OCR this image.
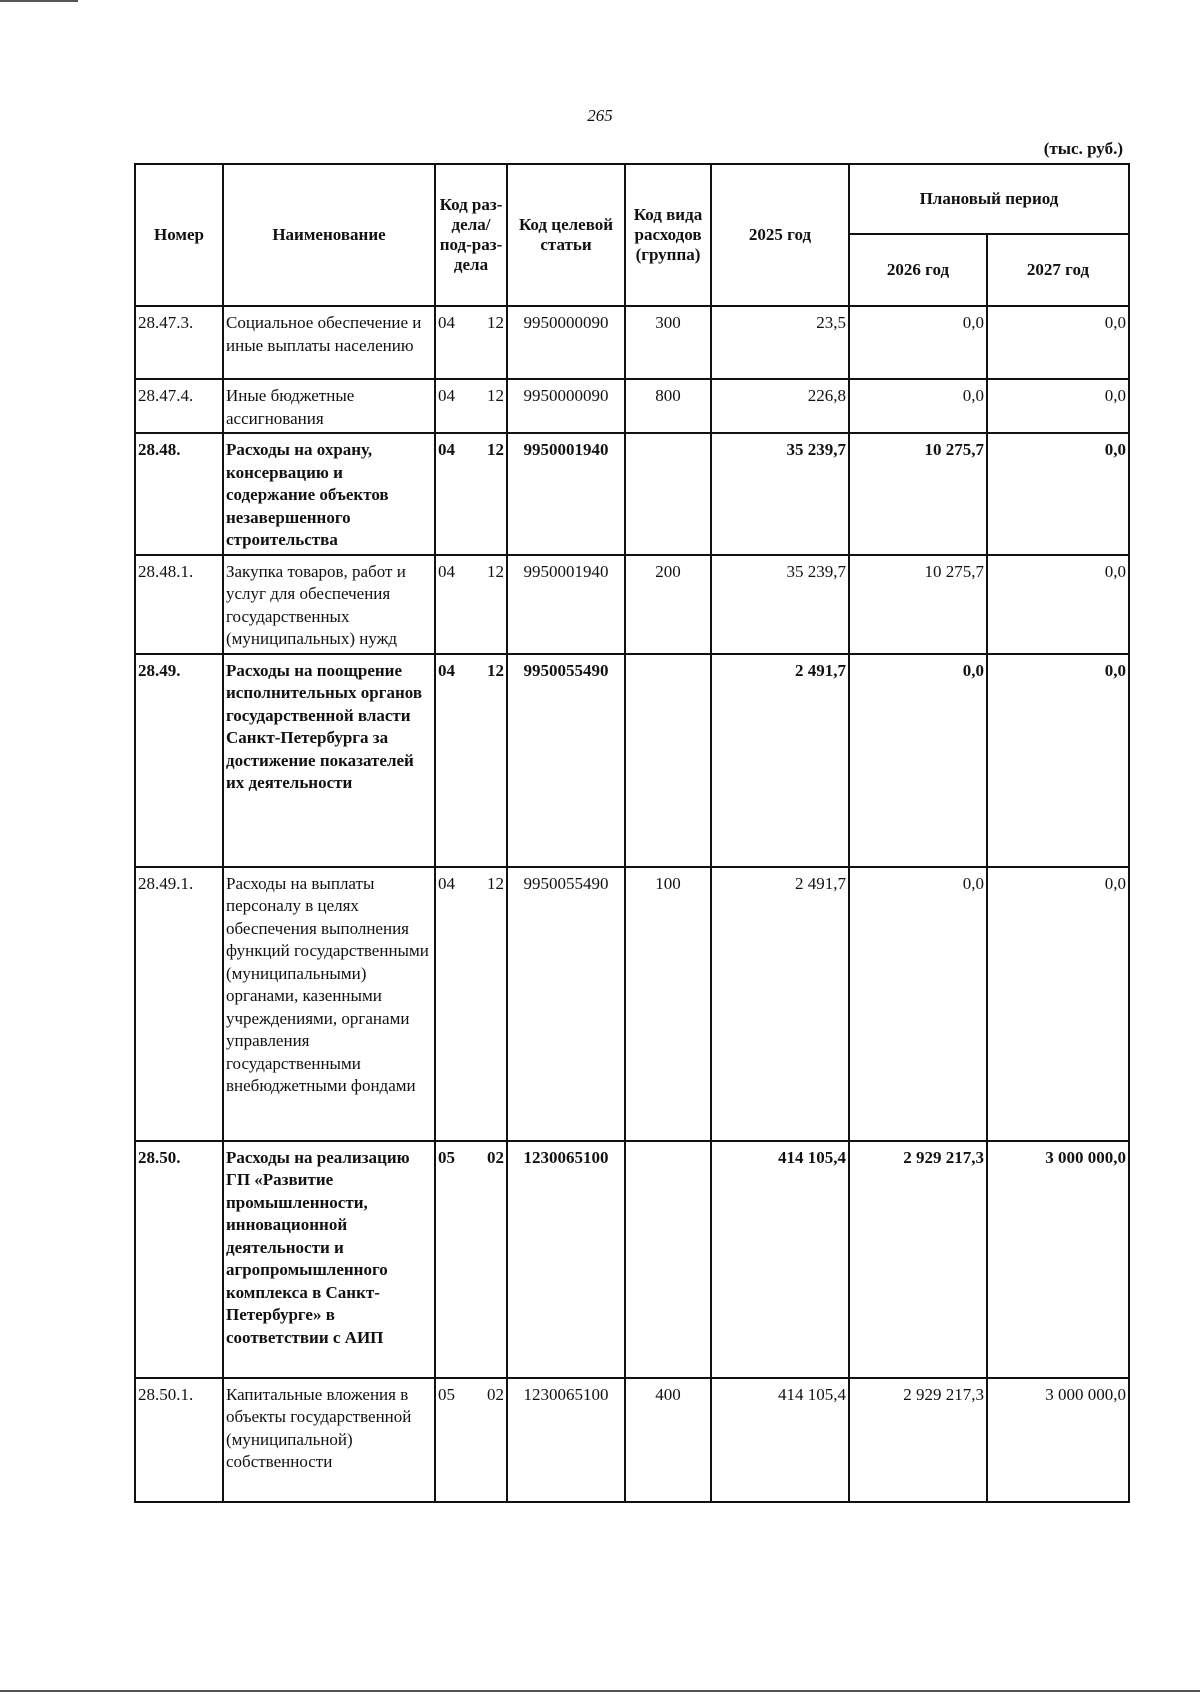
265
(тыс. руб.)
Номер	Наименование	Код раз-дела/ под-раз-дела	Код целевой статьи	Код вида расходов (группа)	2025 год	Плановый период	
						2026 год	2027 год
28.47.3.	Социальное обеспечение и иные выплаты населению	04 12	9950000090	300	23,5	0,0	0,0
28.47.4.	Иные бюджетные ассигнования	04 12	9950000090	800	226,8	0,0	0,0
28.48.	Расходы на охрану, консервацию и содержание объектов незавершенного строительства	04 12	9950001940		35 239,7	10 275,7	0,0
28.48.1.	Закупка товаров, работ и услуг для обеспечения государственных (муниципальных) нужд	04 12	9950001940	200	35 239,7	10 275,7	0,0
28.49.	Расходы на поощрение исполнительных органов государственной власти Санкт-Петербурга за достижение показателей их деятельности	04 12	9950055490		2 491,7	0,0	0,0
28.49.1.	Расходы на выплаты персоналу в целях обеспечения выполнения функций государственными (муниципальными) органами, казенными учреждениями, органами управления государственными внебюджетными фондами	04 12	9950055490	100	2 491,7	0,0	0,0
28.50.	Расходы на реализацию ГП «Развитие промышленности, инновационной деятельности и агропромышленного комплекса в Санкт-Петербурге» в соответствии с АИП	05 02	1230065100		414 105,4	2 929 217,3	3 000 000,0
28.50.1.	Капитальные вложения в объекты государственной (муниципальной) собственности	05 02	1230065100	400	414 105,4	2 929 217,3	3 000 000,0
